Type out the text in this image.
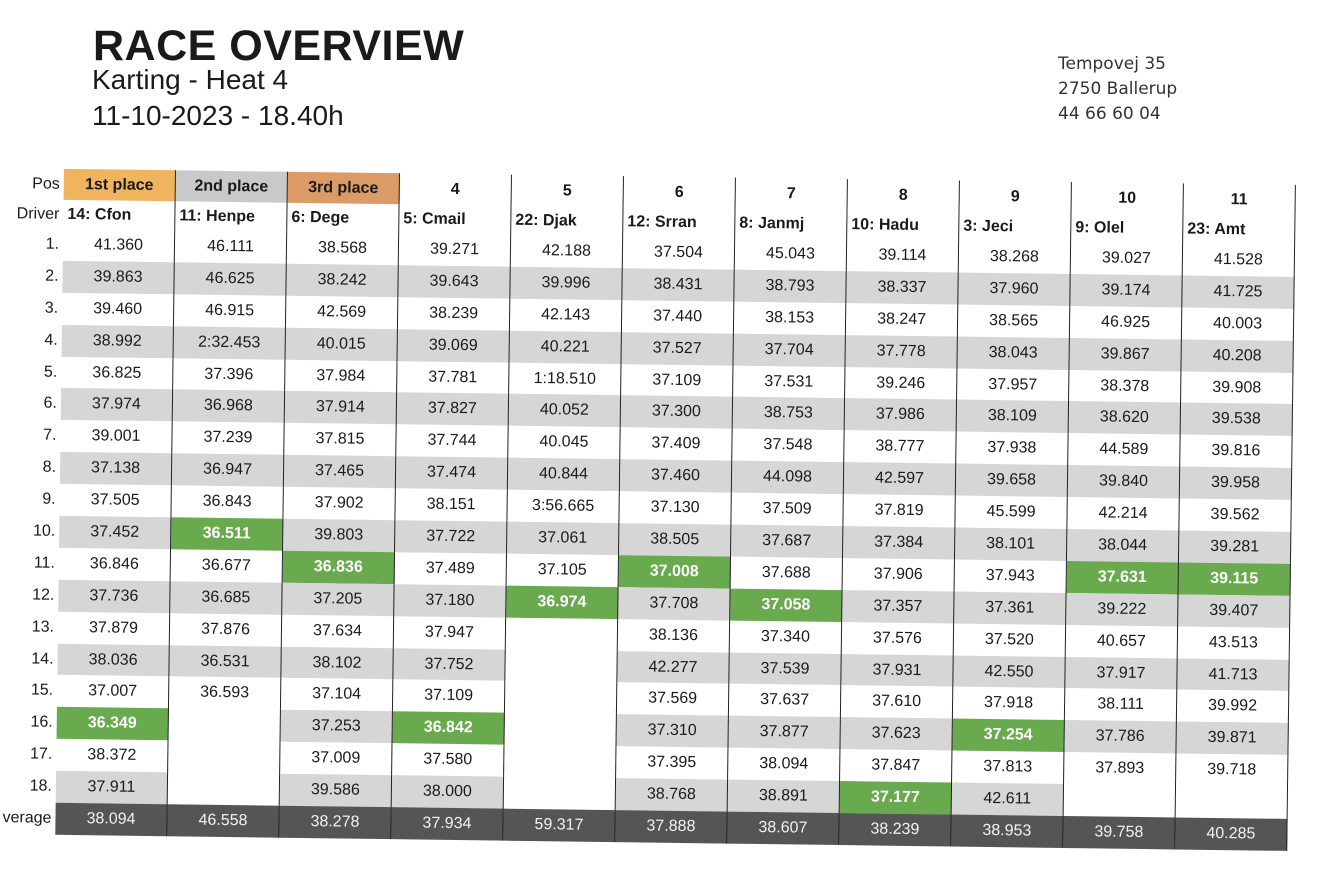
RACE OVERVIEW
Karting - Heat 4
11-10-2023 - 18.40h
Tempovej 35
2750 Ballerup
44 66 60 04
Pos	1st place	2nd place	3rd place	4	5	6	7	8	9	10	11
Driver	14: Cfon	11: Henpe	6: Dege	5: Cmail	22: Djak	12: Srran	8: Janmj	10: Hadu	3: Jeci	9: Olel	23: Amt
1.	41.360	46.111	38.568	39.271	42.188	37.504	45.043	39.114	38.268	39.027	41.528
2.	39.863	46.625	38.242	39.643	39.996	38.431	38.793	38.337	37.960	39.174	41.725
3.	39.460	46.915	42.569	38.239	42.143	37.440	38.153	38.247	38.565	46.925	40.003
4.	38.992	2:32.453	40.015	39.069	40.221	37.527	37.704	37.778	38.043	39.867	40.208
5.	36.825	37.396	37.984	37.781	1:18.510	37.109	37.531	39.246	37.957	38.378	39.908
6.	37.974	36.968	37.914	37.827	40.052	37.300	38.753	37.986	38.109	38.620	39.538
7.	39.001	37.239	37.815	37.744	40.045	37.409	37.548	38.777	37.938	44.589	39.816
8.	37.138	36.947	37.465	37.474	40.844	37.460	44.098	42.597	39.658	39.840	39.958
9.	37.505	36.843	37.902	38.151	3:56.665	37.130	37.509	37.819	45.599	42.214	39.562
10.	37.452	36.511	39.803	37.722	37.061	38.505	37.687	37.384	38.101	38.044	39.281
11.	36.846	36.677	36.836	37.489	37.105	37.008	37.688	37.906	37.943	37.631	39.115
12.	37.736	36.685	37.205	37.180	36.974	37.708	37.058	37.357	37.361	39.222	39.407
13.	37.879	37.876	37.634	37.947		38.136	37.340	37.576	37.520	40.657	43.513
14.	38.036	36.531	38.102	37.752		42.277	37.539	37.931	42.550	37.917	41.713
15.	37.007	36.593	37.104	37.109		37.569	37.637	37.610	37.918	38.111	39.992
16.	36.349		37.253	36.842		37.310	37.877	37.623	37.254	37.786	39.871
17.	38.372		37.009	37.580		37.395	38.094	37.847	37.813	37.893	39.718
18.	37.911		39.586	38.000		38.768	38.891	37.177	42.611		
verage	38.094	46.558	38.278	37.934	59.317	37.888	38.607	38.239	38.953	39.758	40.285
